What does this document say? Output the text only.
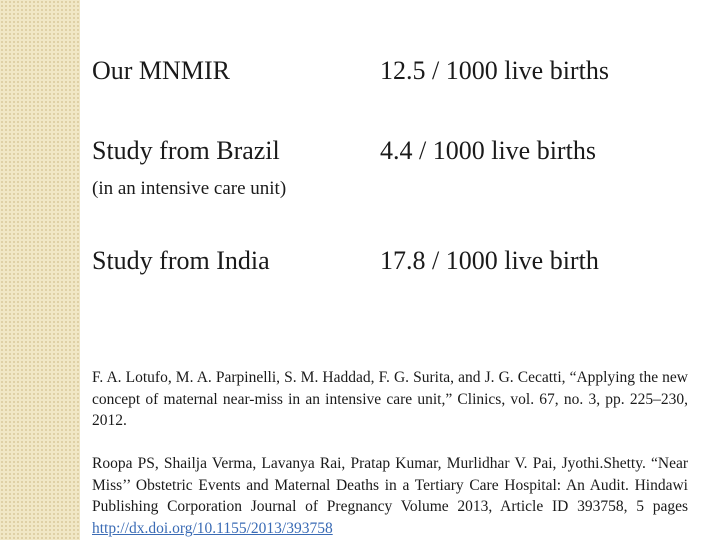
Our MNMIR	12.5 / 1000 live births
Study from Brazil	4.4 / 1000 live births
(in an intensive care unit)
Study from India	17.8 / 1000 live birth
F. A. Lotufo, M. A. Parpinelli, S. M. Haddad, F. G. Surita, and J. G. Cecatti, “Applying the new concept of maternal near-miss in an intensive care unit,” Clinics, vol. 67, no. 3, pp. 225–230, 2012.
Roopa PS, Shailja Verma, Lavanya Rai, Pratap Kumar, Murlidhar V. Pai, Jyothi.Shetty. “Near Miss’’ Obstetric Events and Maternal Deaths in a Tertiary Care Hospital: An Audit. Hindawi Publishing Corporation Journal of Pregnancy Volume 2013, Article ID 393758, 5 pages http://dx.doi.org/10.1155/2013/393758
